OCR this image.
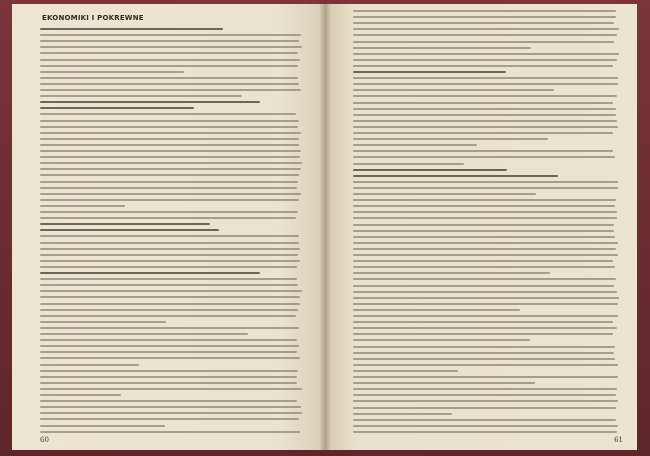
EKONOMIKI I POKREWNE
60	61
